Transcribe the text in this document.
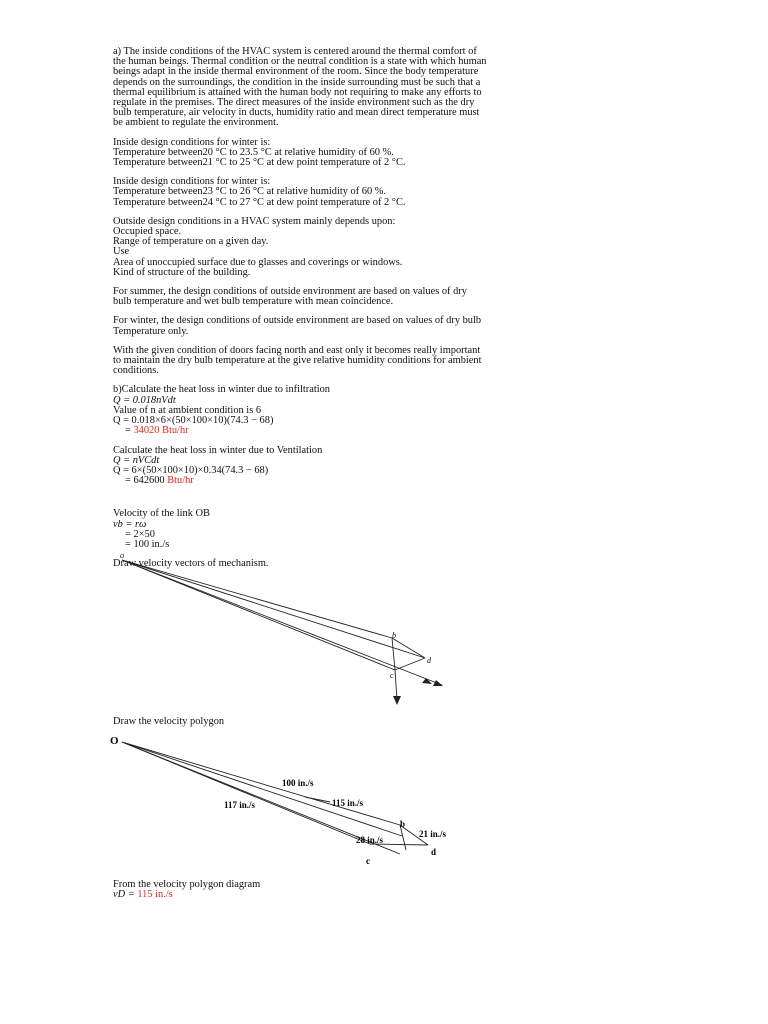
a) The inside conditions of the HVAC system is centered around the thermal comfort of
the human beings. Thermal condition or the neutral condition is a state with which human
beings adapt in the inside thermal environment of the room. Since the body temperature
depends on the surroundings, the condition in the inside surrounding must be such that a
thermal equilibrium is attained with the human body not requiring to make any efforts to
regulate in the premises. The direct measures of the inside environment such as the dry
bulb temperature, air velocity in ducts, humidity ratio and mean direct temperature must
be ambient to regulate the environment.
Inside design conditions for winter is:
Temperature between20 °C to 23.5 °C at relative humidity of 60 %.
Temperature between21 °C to 25 °C at dew point temperature of 2 °C.
Inside design conditions for winter is:
Temperature between23 °C to 26 °C at relative humidity of 60 %.
Temperature between24 °C to 27 °C at dew point temperature of 2 °C.
Outside design conditions in a HVAC system mainly depends upon:
Occupied space.
Range of temperature on a given day.
Use
Area of unoccupied surface due to glasses and coverings or windows.
Kind of structure of the building.
For summer, the design conditions of outside environment are based on values of dry
bulb temperature and wet bulb temperature with mean coincidence.
For winter, the design conditions of outside environment are based on values of dry bulb
Temperature only.
With the given condition of doors facing north and east only it becomes really important
to maintain the dry bulb temperature at the give relative humidity conditions for ambient
conditions.
b)Calculate the heat loss in winter due to infiltration
Q = 0.018nVdt
Value of n at ambient condition is 6
Q = 0.018×6×(50×100×10)(74.3 − 68)
= 34020 Btu/hr
Calculate the heat loss in winter due to Ventilation
Q = nVCdt
Q = 6×(50×100×10)×0.34(74.3 − 68)
= 642600 Btu/hr
Velocity of the link OB
vb = rω
= 2×50
= 100 in./s
Draw velocity vectors of mechanism.
o
b
c
d
Draw the velocity polygon
O
100 in./s
117 in./s	115 in./s
b
21 in./s
28 in./s
d
c
From the velocity polygon diagram
vD = 115 in./s
